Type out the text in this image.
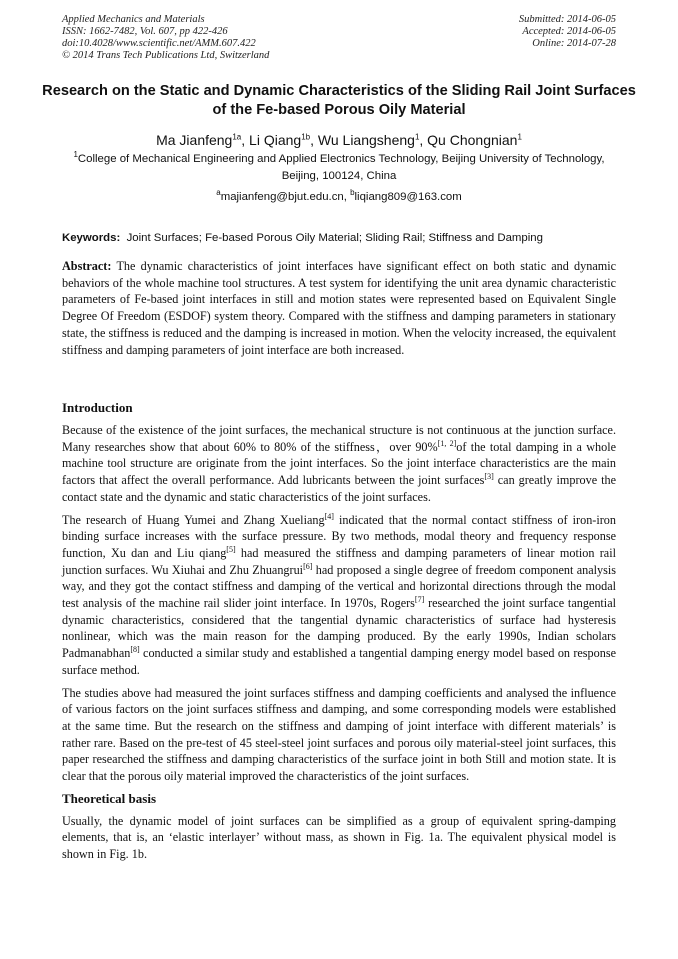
Applied Mechanics and Materials
ISSN: 1662-7482, Vol. 607, pp 422-426
doi:10.4028/www.scientific.net/AMM.607.422
© 2014 Trans Tech Publications Ltd, Switzerland
Submitted: 2014-06-05
Accepted: 2014-06-05
Online: 2014-07-28
Research on the Static and Dynamic Characteristics of the Sliding Rail Joint Surfaces of the Fe-based Porous Oily Material
Ma Jianfeng$^{1a}$, Li Qiang$^{1b}$, Wu Liangsheng$^1$, Qu Chongnian$^1$
$^1$College of Mechanical Engineering and Applied Electronics Technology, Beijing University of Technology, Beijing, 100124, China
$^a$majianfeng@bjut.edu.cn, $^b$liqiang809@163.com
Keywords: Joint Surfaces; Fe-based Porous Oily Material; Sliding Rail; Stiffness and Damping
Abstract: The dynamic characteristics of joint interfaces have significant effect on both static and dynamic behaviors of the whole machine tool structures. A test system for identifying the unit area dynamic characteristic parameters of Fe-based joint interfaces in still and motion states were represented based on Equivalent Single Degree Of Freedom (ESDOF) system theory. Compared with the stiffness and damping parameters in stationary state, the stiffness is reduced and the damping is increased in motion. When the velocity increased, the equivalent stiffness and damping parameters of joint interface are both increased.
Introduction

Because of the existence of the joint surfaces, the mechanical structure is not continuous at the junction surface. Many researches show that about 60% to 80% of the stiffness，over 90%[1, 2]of the total damping in a whole machine tool structure are originate from the joint interfaces. So the joint interface characteristics are the main factors that affect the overall performance. Add lubricants between the joint surfaces[3] can greatly improve the contact state and the dynamic and static characteristics of the joint surfaces.

The research of Huang Yumei and Zhang Xueliang[4] indicated that the normal contact stiffness of iron-iron binding surface increases with the surface pressure. By two methods, modal theory and frequency response function, Xu dan and Liu qiang[5] had measured the stiffness and damping parameters of linear motion rail junction surfaces. Wu Xiuhai and Zhu Zhuangrui[6] had proposed a single degree of freedom component analysis way, and they got the contact stiffness and damping of the vertical and horizontal directions through the modal test analysis of the machine rail slider joint interface. In 1970s, Rogers[7] researched the joint surface tangential dynamic characteristics, considered that the tangential dynamic characteristics of surface had hysteresis nonlinear, which was the main reason for the damping produced. By the early 1990s, Indian scholars Padmanabhan[8] conducted a similar study and established a tangential damping energy model based on response surface method.

The studies above had measured the joint surfaces stiffness and damping coefficients and analysed the influence of various factors on the joint surfaces stiffness and damping, and some corresponding models were established at the same time. But the research on the stiffness and damping of joint interface with different materials’ is rather rare. Based on the pre-test of 45 steel-steel joint surfaces and porous oily material-steel joint surfaces, this paper researched the stiffness and damping characteristics of the surface joint in both Still and motion state. It is clear that the porous oily material improved the characteristics of the joint surfaces.

Theoretical basis

Usually, the dynamic model of joint surfaces can be simplified as a group of equivalent spring-damping elements, that is, an ‘elastic interlayer’ without mass, as shown in Fig. 1a. The equivalent physical model is shown in Fig. 1b.
